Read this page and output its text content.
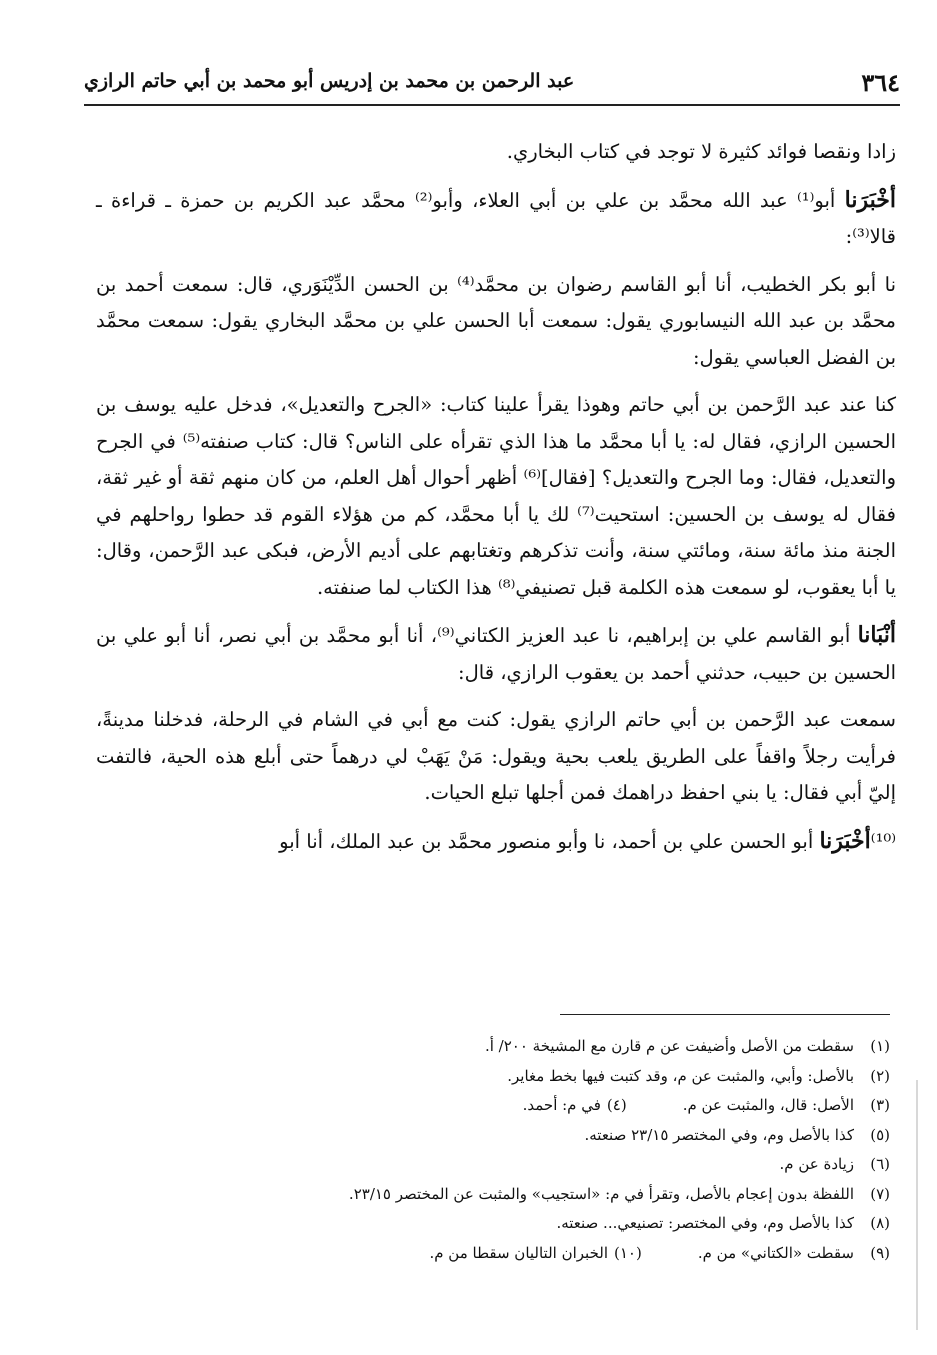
٣٦٤
عبد الرحمن بن محمد بن إدريس أبو محمد بن أبي حاتم الرازي

زادا ونقصا فوائد كثيرة لا توجد في كتاب البخاري.

أخْبَرَنا أبو⁽¹⁾ عبد الله محمَّد بن علي بن أبي العلاء، وأبو⁽²⁾ محمَّد عبد الكريم بن حمزة ـ قراءة ـ قالا⁽³⁾:

نا أبو بكر الخطيب، أنا أبو القاسم رضوان بن محمَّد⁽⁴⁾ بن الحسن الدِّيْنَوَري، قال: سمعت أحمد بن محمَّد بن عبد الله النيسابوري يقول: سمعت أبا الحسن علي بن محمَّد البخاري يقول: سمعت محمَّد بن الفضل العباسي يقول:

كنا عند عبد الرَّحمن بن أبي حاتم وهوذا يقرأ علينا كتاب: «الجرح والتعديل»، فدخل عليه يوسف بن الحسين الرازي، فقال له: يا أبا محمَّد ما هذا الذي تقرأه على الناس؟ قال: كتاب صنفته⁽⁵⁾ في الجرح والتعديل، فقال: وما الجرح والتعديل؟ [فقال]⁽⁶⁾ أظهر أحوال أهل العلم، من كان منهم ثقة أو غير ثقة، فقال له يوسف بن الحسين: استحيت⁽⁷⁾ لك يا أبا محمَّد، كم من هؤلاء القوم قد حطوا رواحلهم في الجنة منذ مائة سنة، ومائتي سنة، وأنت تذكرهم وتغتابهم على أديم الأرض، فبكى عبد الرَّحمن، وقال: يا أبا يعقوب، لو سمعت هذه الكلمة قبل تصنيفي⁽⁸⁾ هذا الكتاب لما صنفته.

أنْبَانا أبو القاسم علي بن إبراهيم، نا عبد العزيز الكتاني⁽⁹⁾، أنا أبو محمَّد بن أبي نصر، أنا أبو علي بن الحسين بن حبيب، حدثني أحمد بن يعقوب الرازي، قال:

سمعت عبد الرَّحمن بن أبي حاتم الرازي يقول: كنت مع أبي في الشام في الرحلة، فدخلنا مدينةً، فرأيت رجلاً واقفاً على الطريق يلعب بحية ويقول: مَنْ يَهَبْ لي درهماً حتى أبلع هذه الحية، فالتفت إليّ أبي فقال: يا بني احفظ دراهمك فمن أجلها تبلع الحيات.

⁽¹⁰⁾أخْبَرَنا أبو الحسن علي بن أحمد، نا وأبو منصور محمَّد بن عبد الملك، أنا أبو

(١)
سقطت من الأصل وأضيفت عن م قارن مع المشيخة ٢٠٠/ أ.
(٢)
بالأصل: وأبي، والمثبت عن م، وقد كتبت فيها بخط مغاير.
(٣)
الأصل: قال، والمثبت عن م.
(٤)
في م: أحمد.
(٥)
كذا بالأصل وم، وفي المختصر ٢٣/١٥ صنعته.
(٦)
زيادة عن م.
(٧)
اللفظة بدون إعجام بالأصل، وتقرأ في م: «استجيب» والمثبت عن المختصر ٢٣/١٥.
(٨)
كذا بالأصل وم، وفي المختصر: تصنيعي... صنعته.
(٩)
سقطت «الكتاني» من م.
(١٠)
الخبران التاليان سقطا من م.
